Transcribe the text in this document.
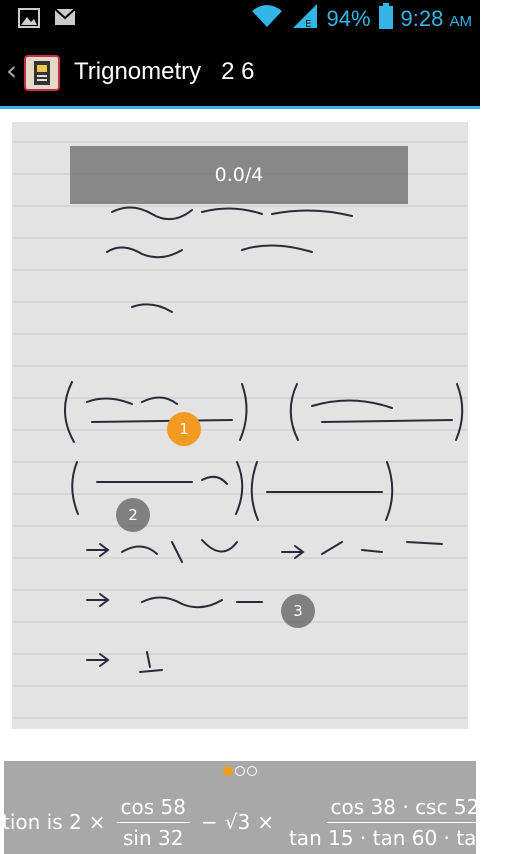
E 94% 9:28 AM
‹ Trignometry   2 6
0.0/4
1
2
3
tion is $2 \times \frac{\cos 58}{\sin 32} - √3 \times \frac{\cos 38 \cdot \csc 52}{\tan 15 \cdot \tan 60 \cdot \tan 75}$
